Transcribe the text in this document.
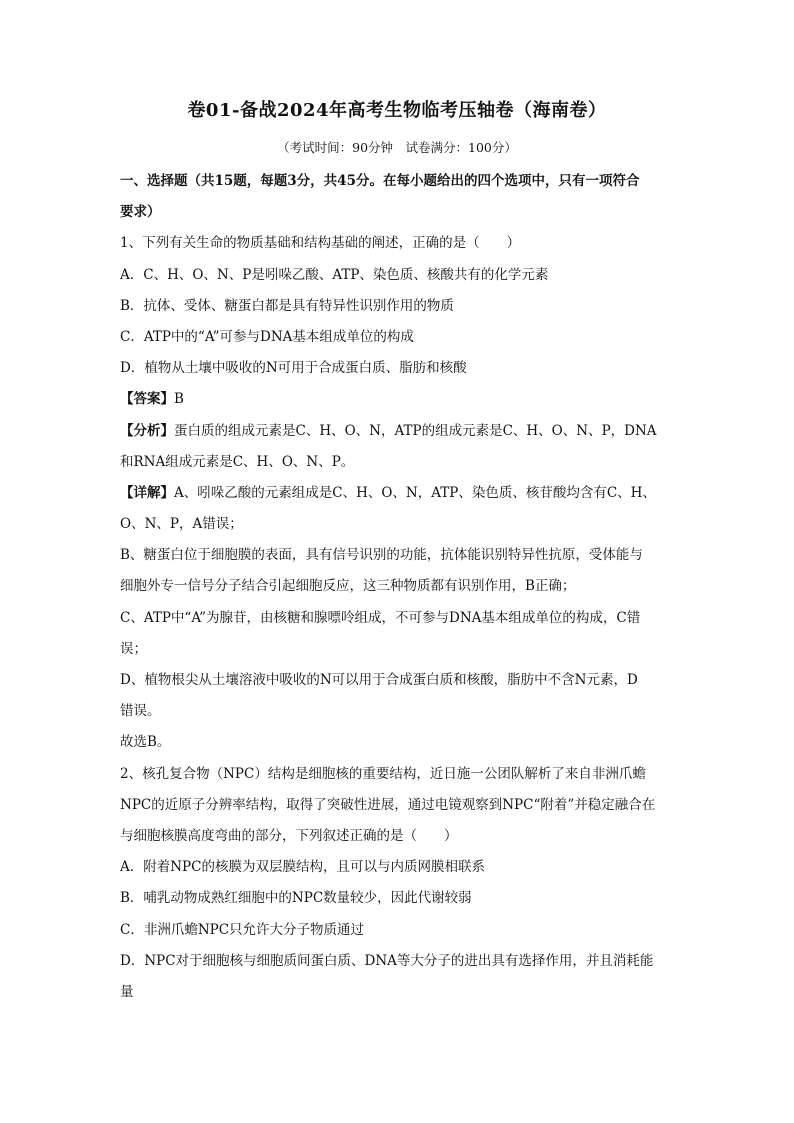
卷01-备战2024年高考生物临考压轴卷（海南卷）
（考试时间：90分钟　试卷满分：100分）
一、选择题（共15题，每题3分，共45分。在每小题给出的四个选项中，只有一项符合
要求）
1、下列有关生命的物质基础和结构基础的阐述，正确的是（　　）
A．C、H、O、N、P是吲哚乙酸、ATP、染色质、核酸共有的化学元素
B．抗体、受体、糖蛋白都是具有特异性识别作用的物质
C．ATP中的“A”可参与DNA基本组成单位的构成
D．植物从土壤中吸收的N可用于合成蛋白质、脂肪和核酸
【答案】B
【分析】蛋白质的组成元素是C、H、O、N，ATP的组成元素是C、H、O、N、P，DNA
和RNA组成元素是C、H、O、N、P。
【详解】A、吲哚乙酸的元素组成是C、H、O、N，ATP、染色质、核苷酸均含有C、H、
O、N、P，A错误；
B、糖蛋白位于细胞膜的表面，具有信号识别的功能，抗体能识别特异性抗原，受体能与
细胞外专一信号分子结合引起细胞反应，这三种物质都有识别作用，B正确；
C、ATP中“A”为腺苷，由核糖和腺嘌呤组成，不可参与DNA基本组成单位的构成，C错
误；
D、植物根尖从土壤溶液中吸收的N可以用于合成蛋白质和核酸，脂肪中不含N元素，D
错误。
故选B。
2、核孔复合物（NPC）结构是细胞核的重要结构，近日施一公团队解析了来自非洲爪蟾
NPC的近原子分辨率结构，取得了突破性进展，通过电镜观察到NPC“附着”并稳定融合在
与细胞核膜高度弯曲的部分，下列叙述正确的是（　　）
A．附着NPC的核膜为双层膜结构，且可以与内质网膜相联系
B．哺乳动物成熟红细胞中的NPC数量较少，因此代谢较弱
C．非洲爪蟾NPC只允许大分子物质通过
D．NPC对于细胞核与细胞质间蛋白质、DNA等大分子的进出具有选择作用，并且消耗能
量
